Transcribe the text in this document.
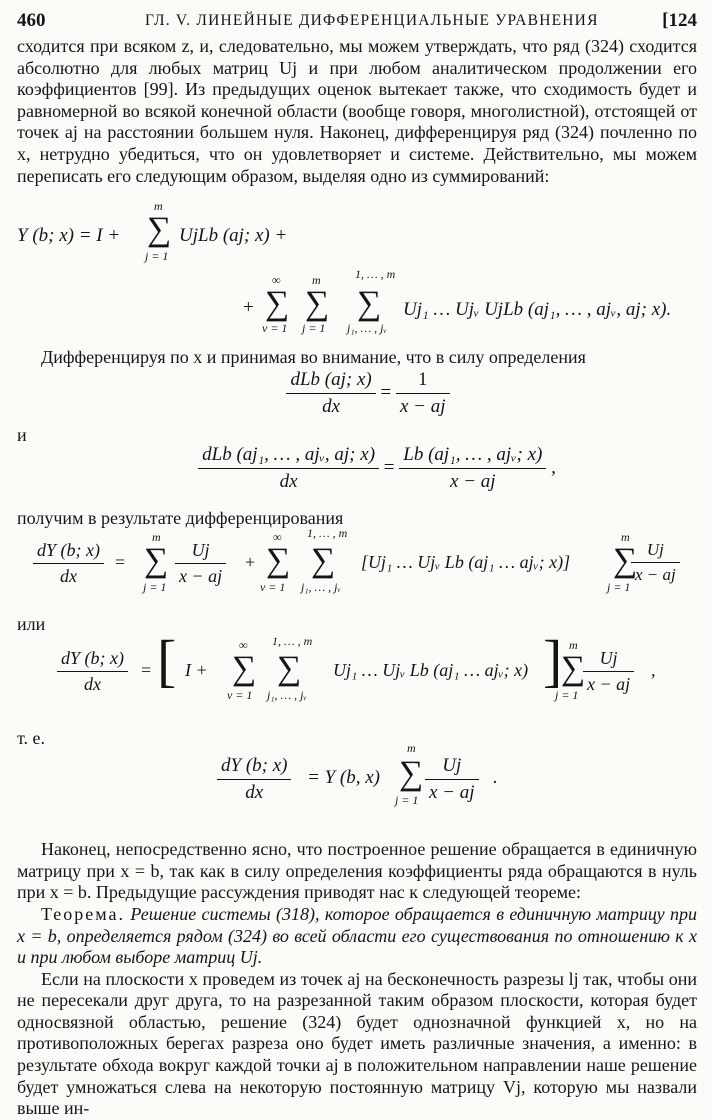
460	ГЛ. V. ЛИНЕЙНЫЕ ДИФФЕРЕНЦИАЛЬНЫЕ УРАВНЕНИЯ	[124

сходится при всяком z, и, следовательно, мы можем утверждать, что ряд (324) сходится абсолютно для любых матриц Uj и при любом аналитическом продолжении его коэффициентов [99]. Из предыдущих оценок вытекает также, что сходимость будет и равномерной во всякой конечной области (вообще говоря, многолистной), отстоящей от точек aj на расстоянии большем нуля. Наконец, дифференцируя ряд (324) почленно по x, нетрудно убедиться, что он удовлетворяет и системе. Действительно, мы можем переписать его следующим образом, выделяя одно из суммирований:

Y (b; x) = I +
m
∑
j = 1
UjLb (aj; x) +
+
∞
∑
ν = 1
m
∑
j = 1
1, … , m
∑
j₁, … , jᵥ
Uj₁ … Ujᵥ UjLb (aj₁, … , ajᵥ, aj; x).

Дифференцируя по x и принимая во внимание, что в силу определения

$\frac{\text{dLb (aj; x)}}{dx} = \frac{1}{x - aj}$

и

$\frac{\text{dLb (aj₁, … , ajᵥ, aj; x)}}{dx} = \frac{\text{Lb (aj₁, … , ajᵥ; x)}}{x - aj}$ ,

получим в результате дифференцирования

$\frac{dY (b; x)}{dx}$ =
m
∑
$j = 1 \frac{Uj}{x - aj}$ +
∞
∑
ν = 1
1, … , m
∑
j₁, … , jᵥ
[Uj₁ … Ujᵥ Lb (aj₁ … ajᵥ; x)]
m
∑
j = 1
$\frac{Uj}{x - aj}$

или

$\frac{dY (b; x)}{dx}$ = [ I +
∞
∑
ν = 1
1, … , m
∑
j₁, … , jᵥ
Uj₁ … Ujᵥ Lb (aj₁ … ajᵥ; x) ] m
∑
$j = 1 \frac{Uj}{x - aj}$ ,

т. е.

$\frac{dY (b; x)}{dx} = Y$ (b, x)
m
∑
$j = 1 \frac{Uj}{x - aj}$ .

Наконец, непосредственно ясно, что построенное решение обращается в единичную матрицу при x = b, так как в силу определения коэффициенты ряда обращаются в нуль при x = b. Предыдущие рассуждения приводят нас к следующей теореме:

Теорема. Решение системы (318), которое обращается в единичную матрицу при x = b, определяется рядом (324) во всей области его существования по отношению к x и при любом выборе матриц Uj.

Если на плоскости x проведем из точек aj на бесконечность разрезы lj так, чтобы они не пересекали друг друга, то на разрезанной таким образом плоскости, которая будет односвязной областью, решение (324) будет однозначной функцией x, но на противоположных берегах разреза оно будет иметь различные значения, а именно: в результате обхода вокруг каждой точки aj в положительном направлении наше решение будет умножаться слева на некоторую постоянную матрицу Vj, которую мы назвали выше ин-
